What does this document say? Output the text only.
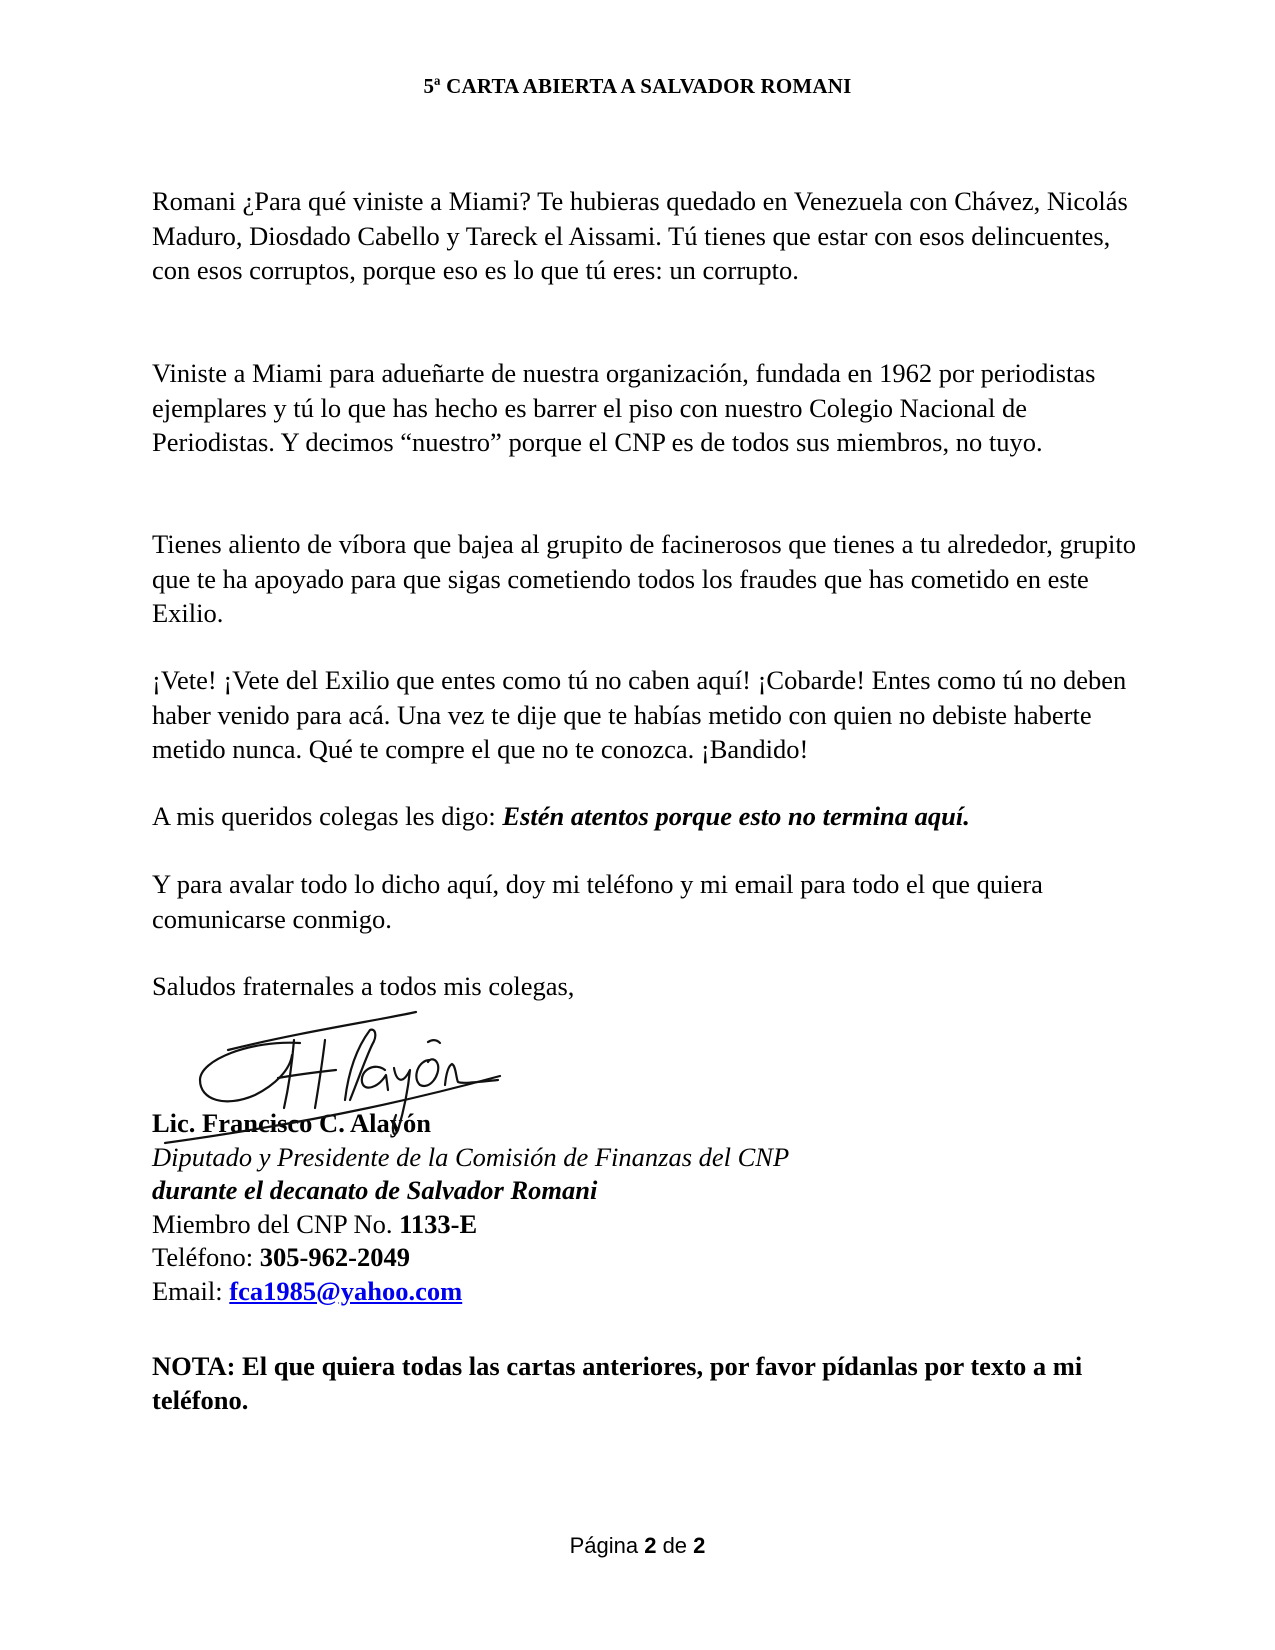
5ª CARTA ABIERTA A SALVADOR ROMANI
Romani ¿Para qué viniste a Miami? Te hubieras quedado en Venezuela con Chávez, Nicolás Maduro, Diosdado Cabello y Tareck el Aissami. Tú tienes que estar con esos delincuentes, con esos corruptos, porque eso es lo que tú eres: un corrupto.
Viniste a Miami para adueñarte de nuestra organización, fundada en 1962 por periodistas ejemplares y tú lo que has hecho es barrer el piso con nuestro Colegio Nacional de Periodistas. Y decimos “nuestro” porque el CNP es de todos sus miembros, no tuyo.
Tienes aliento de víbora que bajea al grupito de facinerosos que tienes a tu alrededor, grupito que te ha apoyado para que sigas cometiendo todos los fraudes que has cometido en este Exilio.
¡Vete! ¡Vete del Exilio que entes como tú no caben aquí! ¡Cobarde! Entes como tú no deben haber venido para acá. Una vez te dije que te habías metido con quien no debiste haberte metido nunca. Qué te compre el que no te conozca. ¡Bandido!
A mis queridos colegas les digo: Estén atentos porque esto no termina aquí.
Y para avalar todo lo dicho aquí, doy mi teléfono y mi email para todo el que quiera comunicarse conmigo.
Saludos fraternales a todos mis colegas,
Lic. Francisco C. Alayón
Diputado y Presidente de la Comisión de Finanzas del CNP
durante el decanato de Salvador Romani
Miembro del CNP No. 1133-E
Teléfono: 305-962-2049
Email: fca1985@yahoo.com
NOTA: El que quiera todas las cartas anteriores, por favor pídanlas por texto a mi teléfono.
Página 2 de 2
